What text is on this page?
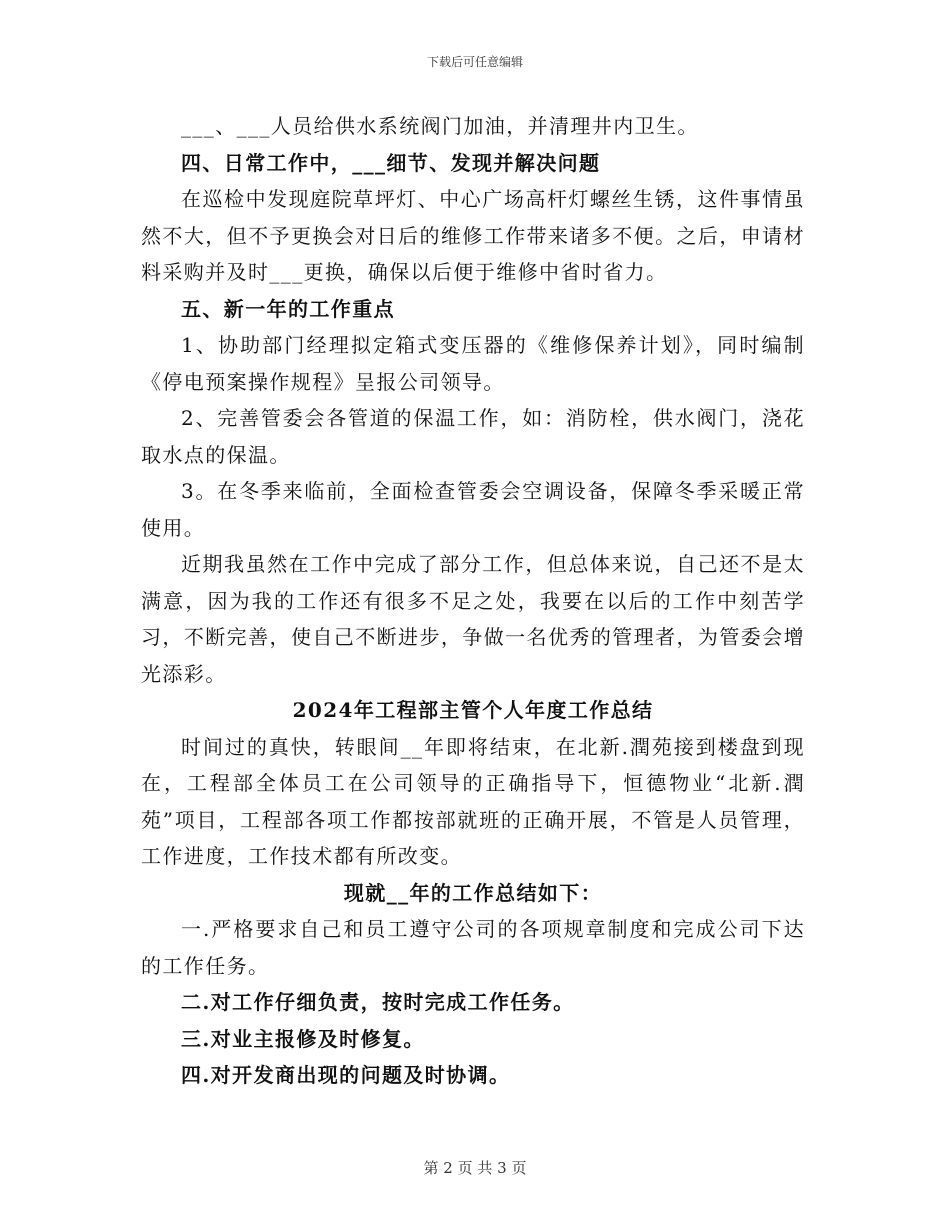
下载后可任意编辑

___、___人员给供水系统阀门加油，并清理井内卫生。

四、日常工作中，___细节、发现并解决问题

在巡检中发现庭院草坪灯、中心广场高杆灯螺丝生锈，这件事情虽然不大，但不予更换会对日后的维修工作带来诸多不便。之后，申请材料采购并及时___更换，确保以后便于维修中省时省力。

五、新一年的工作重点

1、协助部门经理拟定箱式变压器的《维修保养计划》，同时编制《停电预案操作规程》呈报公司领导。

2、完善管委会各管道的保温工作，如：消防栓，供水阀门，浇花取水点的保温。

3。在冬季来临前，全面检查管委会空调设备，保障冬季采暖正常使用。

近期我虽然在工作中完成了部分工作，但总体来说，自己还不是太满意，因为我的工作还有很多不足之处，我要在以后的工作中刻苦学习，不断完善，使自己不断进步，争做一名优秀的管理者，为管委会增光添彩。

2024年工程部主管个人年度工作总结

时间过的真快，转眼间__年即将结束，在北新.潤苑接到楼盘到现在，工程部全体员工在公司领导的正确指导下，恒德物业“北新.潤苑”项目，工程部各项工作都按部就班的正确开展，不管是人员管理，工作进度，工作技术都有所改变。

现就__年的工作总结如下：

一.严格要求自己和员工遵守公司的各项规章制度和完成公司下达的工作任务。

二.对工作仔细负责，按时完成工作任务。

三.对业主报修及时修复。

四.对开发商出现的问题及时协调。

第 2 页 共 3 页
